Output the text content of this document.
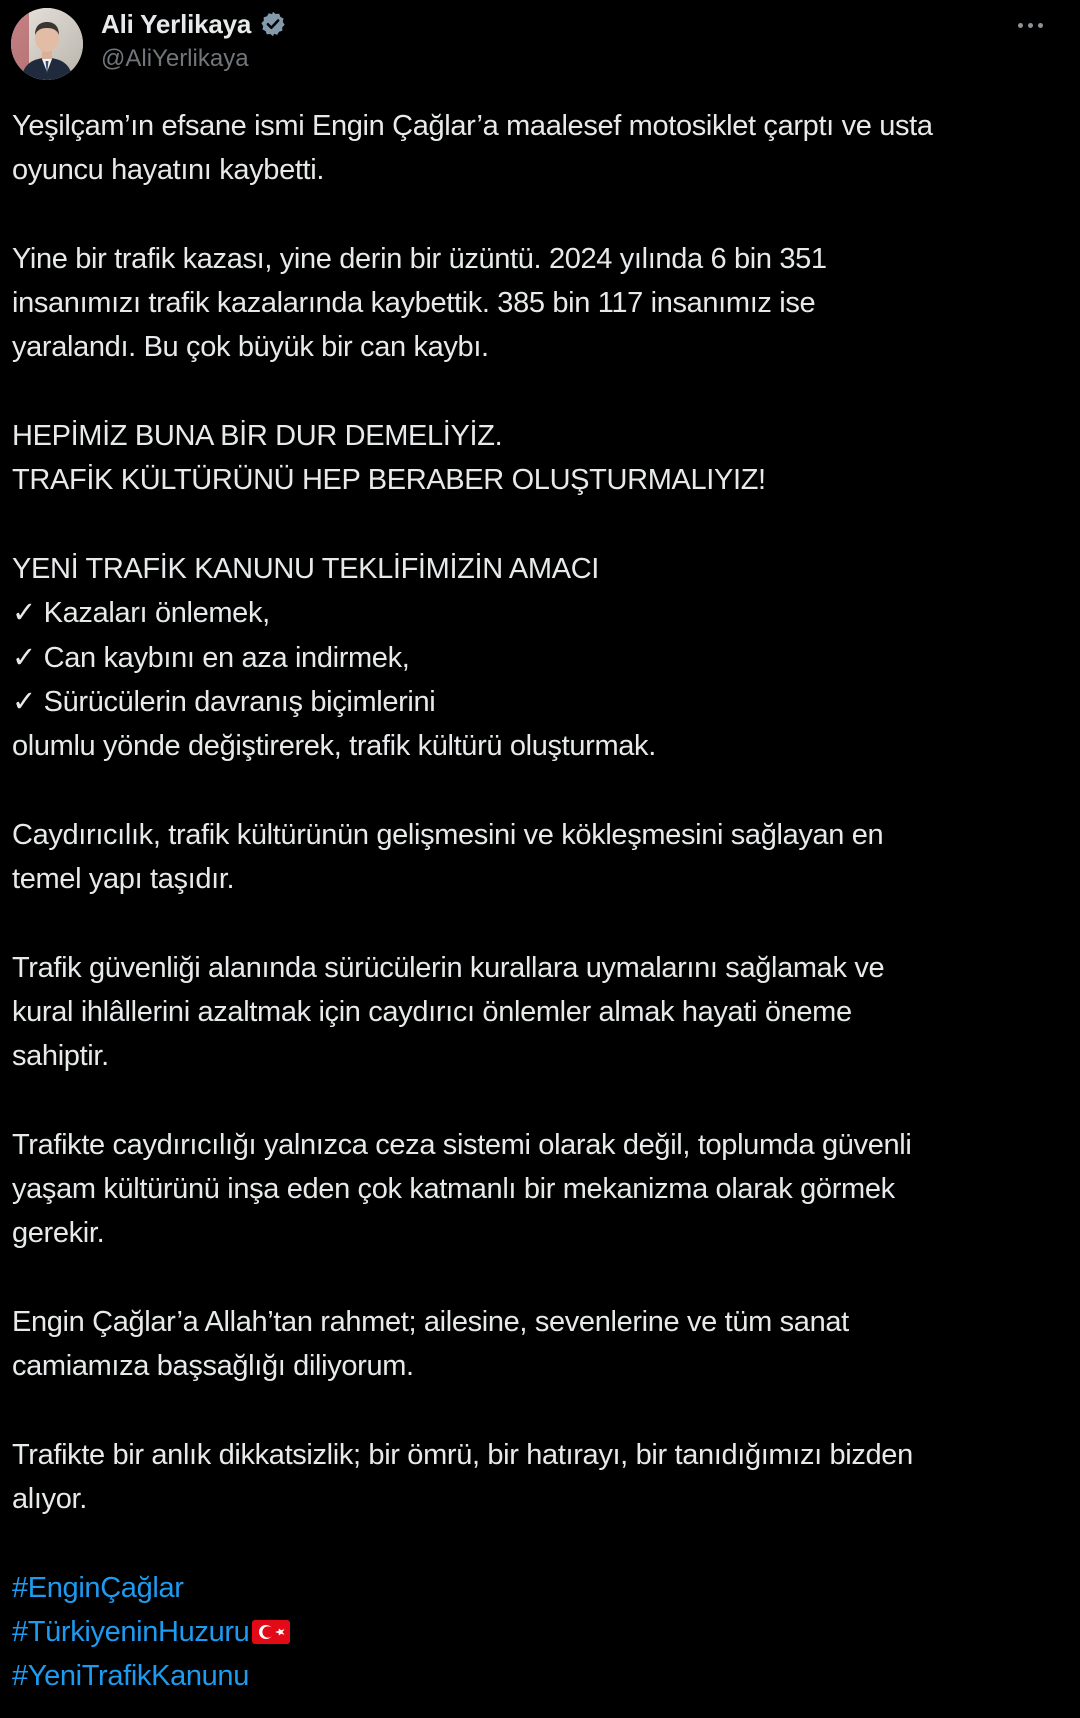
Ali Yerlikaya
@AliYerlikaya
Yeşilçam’ın efsane ismi Engin Çağlar’a maalesef motosiklet çarptı ve usta
oyuncu hayatını kaybetti.
Yine bir trafik kazası, yine derin bir üzüntü. 2024 yılında 6 bin 351
insanımızı trafik kazalarında kaybettik. 385 bin 117 insanımız ise
yaralandı. Bu çok büyük bir can kaybı.
HEPİMİZ BUNA BİR DUR DEMELİYİZ.
TRAFİK KÜLTÜRÜNÜ HEP BERABER OLUŞTURMALIYIZ!
YENİ TRAFİK KANUNU TEKLİFİMİZİN AMACI
✓ Kazaları önlemek,
✓ Can kaybını en aza indirmek,
✓ Sürücülerin davranış biçimlerini
olumlu yönde değiştirerek, trafik kültürü oluşturmak.
Caydırıcılık, trafik kültürünün gelişmesini ve kökleşmesini sağlayan en
temel yapı taşıdır.
Trafik güvenliği alanında sürücülerin kurallara uymalarını sağlamak ve
kural ihlâllerini azaltmak için caydırıcı önlemler almak hayati öneme
sahiptir.
Trafikte caydırıcılığı yalnızca ceza sistemi olarak değil, toplumda güvenli
yaşam kültürünü inşa eden çok katmanlı bir mekanizma olarak görmek
gerekir.
Engin Çağlar’a Allah’tan rahmet; ailesine, sevenlerine ve tüm sanat
camiamıza başsağlığı diliyorum.
Trafikte bir anlık dikkatsizlik; bir ömrü, bir hatırayı, bir tanıdığımızı bizden
alıyor.
#EnginÇağlar
#TürkiyeninHuzuru
#YeniTrafikKanunu
